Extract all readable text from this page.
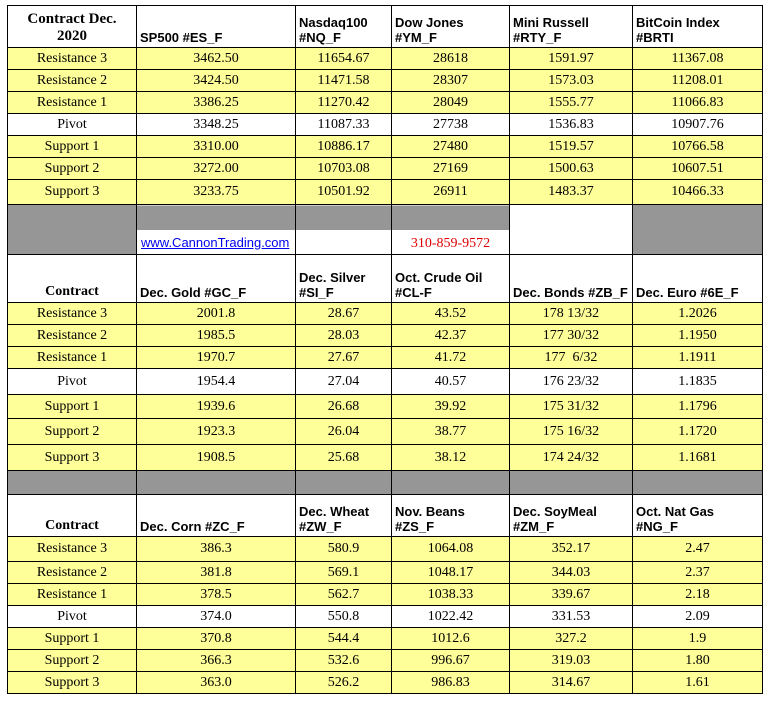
Contract Dec. 2020	SP500 #ES_F	Nasdaq100 #NQ_F	Dow Jones #YM_F	Mini Russell #RTY_F	BitCoin Index #BRTI
Resistance 3	3462.50	11654.67	28618	1591.97	11367.08
Resistance 2	3424.50	11471.58	28307	1573.03	11208.01
Resistance 1	3386.25	11270.42	28049	1555.77	11066.83
Pivot	3348.25	11087.33	27738	1536.83	10907.76
Support 1	3310.00	10886.17	27480	1519.57	10766.58
Support 2	3272.00	10703.08	27169	1500.63	10607.51
Support 3	3233.75	10501.92	26911	1483.37	10466.33
	www.CannonTrading.com		310-859-9572		
Contract	Dec. Gold #GC_F	Dec. Silver #SI_F	Oct. Crude Oil #CL-F	Dec. Bonds #ZB_F	Dec. Euro #6E_F
Resistance 3	2001.8	28.67	43.52	178 13/32	1.2026
Resistance 2	1985.5	28.03	42.37	177 30/32	1.1950
Resistance 1	1970.7	27.67	41.72	177  6/32	1.1911
Pivot	1954.4	27.04	40.57	176 23/32	1.1835
Support 1	1939.6	26.68	39.92	175 31/32	1.1796
Support 2	1923.3	26.04	38.77	175 16/32	1.1720
Support 3	1908.5	25.68	38.12	174 24/32	1.1681

Contract	Dec. Corn #ZC_F	Dec. Wheat #ZW_F	Nov. Beans #ZS_F	Dec. SoyMeal #ZM_F	Oct. Nat Gas #NG_F
Resistance 3	386.3	580.9	1064.08	352.17	2.47
Resistance 2	381.8	569.1	1048.17	344.03	2.37
Resistance 1	378.5	562.7	1038.33	339.67	2.18
Pivot	374.0	550.8	1022.42	331.53	2.09
Support 1	370.8	544.4	1012.6	327.2	1.9
Support 2	366.3	532.6	996.67	319.03	1.80
Support 3	363.0	526.2	986.83	314.67	1.61
